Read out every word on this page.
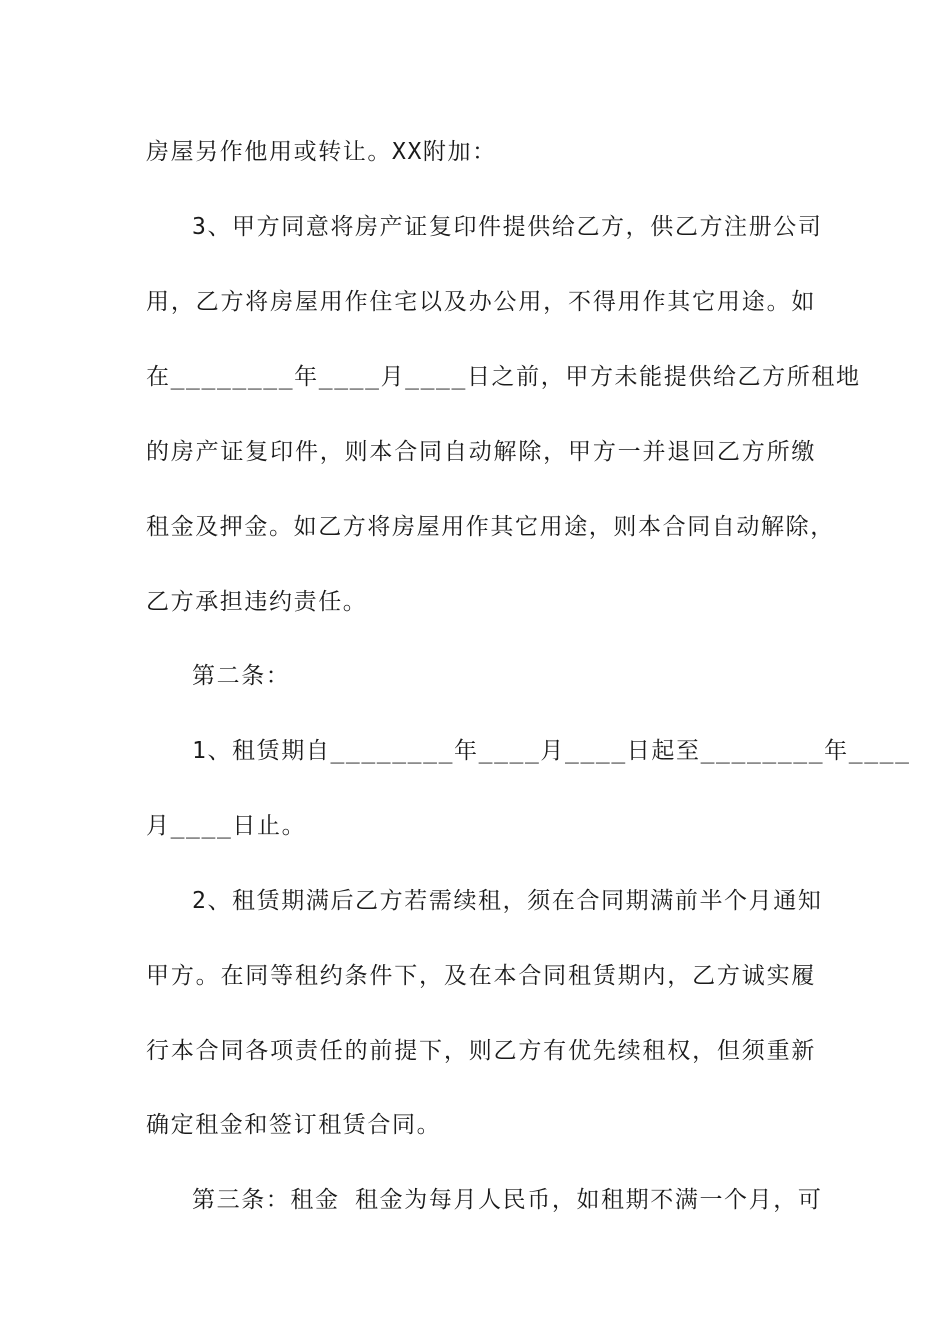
房屋另作他用或转让。XX附加：
3、甲方同意将房产证复印件提供给乙方，供乙方注册公司
用，乙方将房屋用作住宅以及办公用，不得用作其它用途。如
在________年____月____日之前，甲方未能提供给乙方所租地
的房产证复印件，则本合同自动解除，甲方一并退回乙方所缴
租金及押金。如乙方将房屋用作其它用途，则本合同自动解除，
乙方承担违约责任。
第二条：
1、租赁期自________年____月____日起至________年____
月____日止。
2、租赁期满后乙方若需续租，须在合同期满前半个月通知
甲方。在同等租约条件下，及在本合同租赁期内，乙方诚实履
行本合同各项责任的前提下，则乙方有优先续租权，但须重新
确定租金和签订租赁合同。
第三条：租金 租金为每月人民币，如租期不满一个月，可
